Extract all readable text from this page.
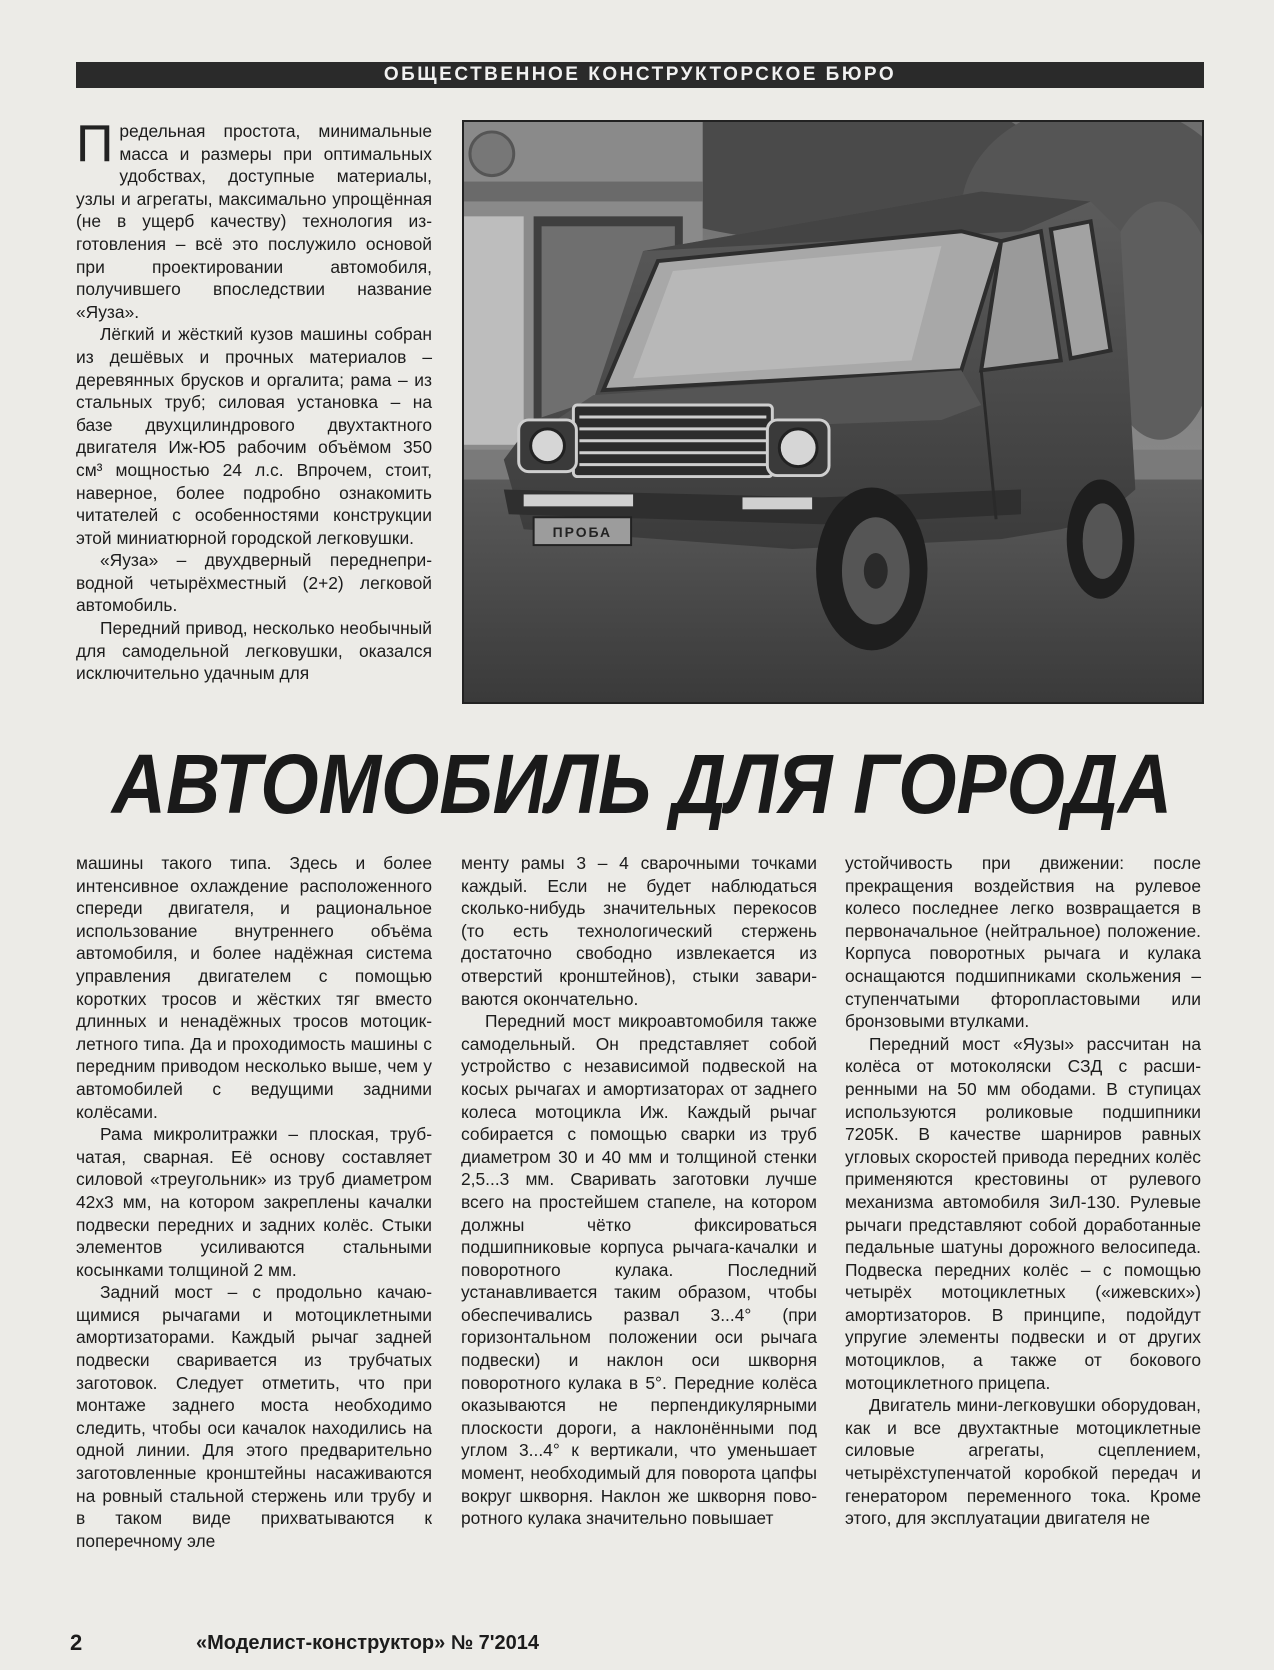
ОБЩЕСТВЕННОЕ КОНСТРУКТОРСКОЕ БЮРО

Предельная простота, минимальные масса и размеры при оптимальных удобствах, доступные материалы, узлы и агрегаты, максимально упрощённая (не в ущерб качеству) технология изготовления – всё это послужило основой при проектировании автомобиля, получившего впоследствии название «Яуза».

Лёгкий и жёсткий кузов машины собран из дешёвых и прочных материалов – деревянных брусков и оргалита; рама – из стальных труб; силовая установка – на базе двухцилиндрового двухтактного двигателя Иж-Ю5 рабочим объёмом 350 см³ мощностью 24 л.с. Впрочем, стоит, наверное, более подробно ознакомить читателей с особенностями конструкции этой миниатюрной городской легковушки.

«Яуза» – двухдверный переднеприводной четырёхместный (2+2) легковой автомобиль.

Передний привод, несколько необычный для самодельной легковушки, оказался исключительно удачным для

ПРОБА
АВТОМОБИЛЬ ДЛЯ ГОРОДА

машины такого типа. Здесь и более интенсивное охлаждение расположенного спереди двигателя, и рациональное использование внутреннего объёма автомобиля, и более надёжная система управления двигателем с помощью коротких тросов и жёстких тяг вместо длинных и ненадёжных тросов мотоциклетного типа. Да и проходимость машины с передним приводом несколько выше, чем у автомобилей с ведущими задними колёсами.

Рама микролитражки – плоская, трубчатая, сварная. Её основу составляет силовой «треугольник» из труб диаметром 42х3 мм, на котором закреплены качалки подвески передних и задних колёс. Стыки элементов усиливаются стальными косынками толщиной 2 мм.

Задний мост – с продольно качающимися рычагами и мотоциклетными амортизаторами. Каждый рычаг задней подвески сваривается из трубчатых заготовок. Следует отметить, что при монтаже заднего моста необходимо следить, чтобы оси качалок находились на одной линии. Для этого предварительно заготовленные кронштейны насаживаются на ровный стальной стержень или трубу и в таком виде прихватываются к поперечному эле

менту рамы 3 – 4 сварочными точками каждый. Если не будет наблюдаться сколько-нибудь значительных перекосов (то есть технологический стержень достаточно свободно извлекается из отверстий кронштейнов), стыки завариваются окончательно.

Передний мост микроавтомобиля также самодельный. Он представляет собой устройство с независимой подвеской на косых рычагах и амортизаторах от заднего колеса мотоцикла Иж. Каждый рычаг собирается с помощью сварки из труб диаметром 30 и 40 мм и толщиной стенки 2,5...3 мм. Сваривать заготовки лучше всего на простейшем стапеле, на котором должны чётко фиксироваться подшипниковые корпуса рычага-качалки и поворотного кулака. Последний устанавливается таким образом, чтобы обеспечивались развал 3...4° (при горизонтальном положении оси рычага подвески) и наклон оси шкворня поворотного кулака в 5°. Передние колёса оказываются не перпендикулярными плоскости дороги, а наклонёнными под углом 3...4° к вертикали, что уменьшает момент, необходимый для поворота цапфы вокруг шкворня. Наклон же шкворня поворотного кулака значительно повышает

устойчивость при движении: после прекращения воздействия на рулевое колесо последнее легко возвращается в первоначальное (нейтральное) положение. Корпуса поворотных рычага и кулака оснащаются подшипниками скольжения – ступенчатыми фторопластовыми или бронзовыми втулками.

Передний мост «Яузы» рассчитан на колёса от мотоколяски СЗД с расширенными на 50 мм ободами. В ступицах используются роликовые подшипники 7205К. В качестве шарниров равных угловых скоростей привода передних колёс применяются крестовины от рулевого механизма автомобиля ЗиЛ-130. Рулевые рычаги представляют собой доработанные педальные шатуны дорожного велосипеда. Подвеска передних колёс – с помощью четырёх мотоциклетных («ижевских») амортизаторов. В принципе, подойдут упругие элементы подвески и от других мотоциклов, а также от бокового мотоциклетного прицепа.

Двигатель мини-легковушки оборудован, как и все двухтактные мотоциклетные силовые агрегаты, сцеплением, четырёхступенчатой коробкой передач и генератором переменного тока. Кроме этого, для эксплуатации двигателя не

2	«Моделист-конструктор» № 7'2014
